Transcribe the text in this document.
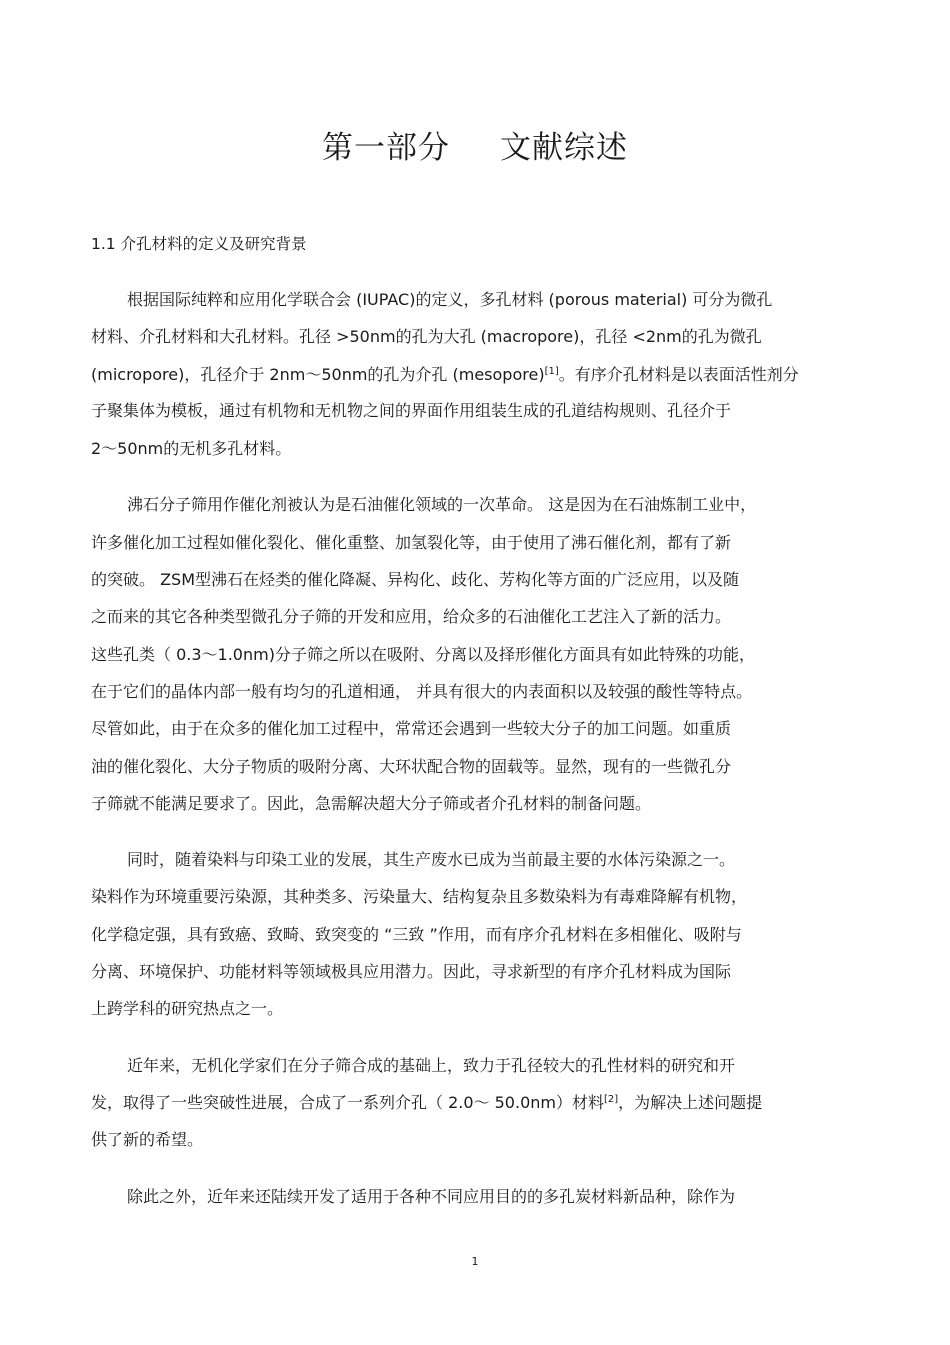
第一部分 文献综述
1.1 介孔材料的定义及研究背景
根据国际纯粹和应用化学联合会 (IUPAC)的定义，多孔材料 (porous material) 可分为微孔
材料、介孔材料和大孔材料。孔径 >50nm的孔为大孔 (macropore)，孔径 <2nm的孔为微孔
(micropore)，孔径介于 2nm～50nm的孔为介孔 (mesopore)[1]。有序介孔材料是以表面活性剂分
子聚集体为模板，通过有机物和无机物之间的界面作用组装生成的孔道结构规则、孔径介于
2～50nm的无机多孔材料。
沸石分子筛用作催化剂被认为是石油催化领域的一次革命。 这是因为在石油炼制工业中，
许多催化加工过程如催化裂化、催化重整、加氢裂化等，由于使用了沸石催化剂，都有了新
的突破。 ZSM型沸石在烃类的催化降凝、异构化、歧化、芳构化等方面的广泛应用，以及随
之而来的其它各种类型微孔分子筛的开发和应用，给众多的石油催化工艺注入了新的活力。
这些孔类（ 0.3～1.0nm)分子筛之所以在吸附、分离以及择形催化方面具有如此特殊的功能，
在于它们的晶体内部一般有均匀的孔道相通， 并具有很大的内表面积以及较强的酸性等特点。
尽管如此，由于在众多的催化加工过程中，常常还会遇到一些较大分子的加工问题。如重质
油的催化裂化、大分子物质的吸附分离、大环状配合物的固载等。显然，现有的一些微孔分
子筛就不能满足要求了。因此，急需解决超大分子筛或者介孔材料的制备问题。
同时，随着染料与印染工业的发展，其生产废水已成为当前最主要的水体污染源之一。
染料作为环境重要污染源，其种类多、污染量大、结构复杂且多数染料为有毒难降解有机物，
化学稳定强，具有致癌、致畸、致突变的 “三致 ”作用，而有序介孔材料在多相催化、吸附与
分离、环境保护、功能材料等领域极具应用潜力。因此，寻求新型的有序介孔材料成为国际
上跨学科的研究热点之一。
近年来，无机化学家们在分子筛合成的基础上，致力于孔径较大的孔性材料的研究和开
发，取得了一些突破性进展，合成了一系列介孔（ 2.0～ 50.0nm）材料[2]，为解决上述问题提
供了新的希望。
除此之外，近年来还陆续开发了适用于各种不同应用目的的多孔炭材料新品种，除作为
1
